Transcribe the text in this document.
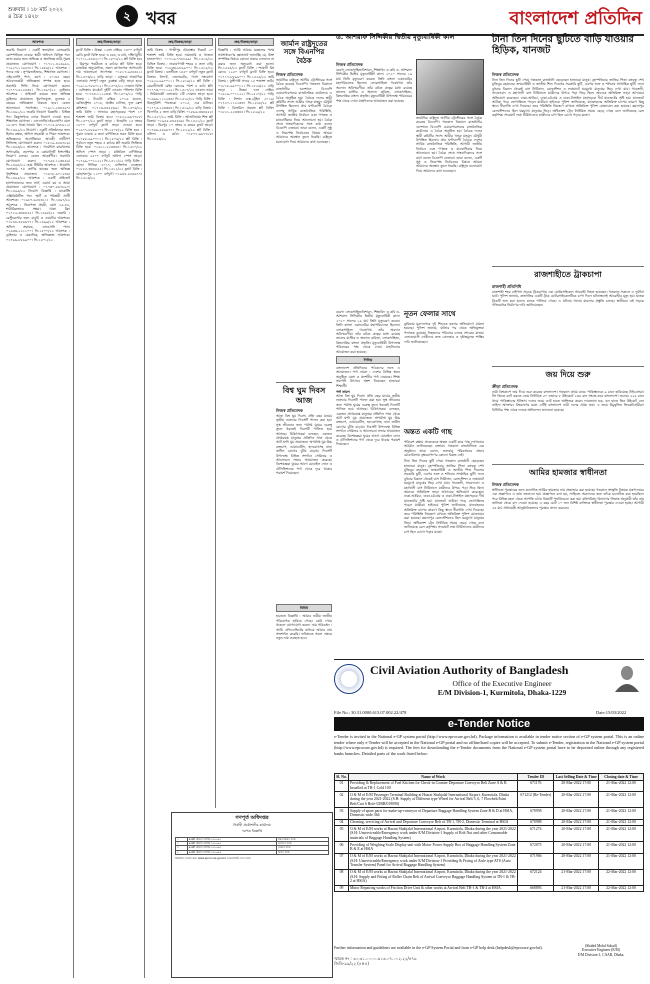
শুক্রবার । ১৮ মার্চ ২০২২
৪ চৈত্র ১৪২৮	২ খবর	বাংলাদেশ প্রতিদিন
আবশ্যক

জরুরি নিয়োগ : একটি স্বনামধন্য বেসরকারি কোম্পানিতে ঢাকার স্থায়ী অফিসে বিভিন্ন পদে কাজ করার জন্য অভিজ্ঞ ও অনভিজ্ঞ নারী-পুরুষ প্রয়োজন। যোগাযোগ : ০১৭১১-৪২৫৯৬২, ০১৯২৭-১১৬৪৭৮। ফি-১৪৮৯/২২ আবশ্যক : পদের নাম : সুপারভাইজার, শিক্ষাগত যোগ্যতা : এইচএসসি পাস, বয়স : ২০-৩৫ বছর। আবেদনকারী অভিজ্ঞতা সম্পন্ন হতে হবে। সরাসরি সিভি নিয়ে যোগাযোগ করুন। ০১৭৭৭-৪২২৪৩৫। ফি-১৪৯০/২২ ড্রাইভার আবশ্যক : প্রাইভেট কারের জন্য অভিজ্ঞ ড্রাইভার প্রয়োজন। ধূমপানমুক্ত, ন্যূনতম ৫ বছরের অভিজ্ঞতা থাকতে হবে। বেতন আলোচনা সাপেক্ষে। ০১৯১১-২৩৪৫৬৭। ফি-১৪৯১/২২ জরুরি নিয়োগ বিজ্ঞপ্তি : বিভিন্ন পদে কিছুসংখ্যক লোক নিয়োগ দেওয়া হবে। শিক্ষাগত যোগ্যতা : এসএসসি/এইচএসসি। বয়স ১৮-৩০। থাকা-খাওয়া ফ্রি। ০১৭১৫-৬৭৮৯১২। ফি-১৪৯২/২২ নিয়োগ : একটি প্রতিষ্ঠানের জন্য হিসাব রক্ষক, অফিস সহকারী ও পিয়ন আবশ্যক। অভিজ্ঞদের অগ্রাধিকার। আগ্রহী প্রার্থীগণ সিভিসহ যোগাযোগ করুন। ০১৮১৯-৪৫৬৭৮৯। ফি-১৪৯৩/২২ আবশ্যক : গার্মেন্টস কারখানায় অপারেটর, হেলপার ও কোয়ালিটি ইন্সপেক্টর নিয়োগ চলছে। বেতন আকর্ষণীয়। সরাসরি যোগাযোগ করুন। ০১৭৫৫-১২৩৪৫৬। ফি-১৪৯৪/২২ হোম টিউটর আবশ্যক : ধানমন্ডি এলাকায় ৭ম শ্রেণির ছাত্রের জন্য অভিজ্ঞ গৃহশিক্ষক প্রয়োজন। ০১৬৭৮-৯০১২৩৪। ফি-১৪৯৫/২২ আবশ্যক : একটি প্রাইভেট হাসপাতালের জন্য নার্স, ওয়ার্ড বয় ও আয়া প্রয়োজন। যোগাযোগ : ০১৭৩০-৫৬৭৮৯০। ফি-১৪৯৬/২২ নিয়োগ বিজ্ঞপ্তি : মার্কেটিং এক্সিকিউটিভ পদে স্মার্ট ও পরিশ্রমী প্রার্থী আবশ্যক। ০১৯৮৭-৬৫৪৩২১। ফি-১৪৯৭/২২ আবশ্যক : নিরাপত্তা প্রহরী, বয়স ২৫-৪৫, শারীরিকভাবে সক্ষম। থাকা ফ্রি। ০১৭২২-৩৩৪৪৫৫। ফি-১৪৯৮/২২ জরুরি : রেস্টুরেন্টের জন্য বাবুর্চি ও ওয়েটার আবশ্যক। ০১৮৪৪-৫৫৬৬৭৭। ফি-১৪৯৯/২২ আবশ্যক : অফিস সহায়ক, এসএসসি পাস। ০১৯৩৩-২২১১০০। ফি-১৫০০/২২ আবশ্যক : ড্রাইভার ও মেকানিক, অভিজ্ঞতা আবশ্যক। ০১৭৬৬-৮৮৯৯০০। ফি-১৫০১/২২

ক্রয়/বিক্রয়/ভাড়া

ফ্ল্যাট বিক্রি : উত্তরা ১২নং সেক্টরে ১৩০০ বর্গফুট রেডি ফ্ল্যাট বিক্রি হবে। ৩ বেড, ৩ বাথ, দক্ষিণমুখী। ০১৭১১-৫৪৩২১০। ফি-১৫০২/২২ প্লট বিক্রি হবে : মিরপুর পল্লবীতে ৩ কাঠার প্লট বিক্রি হবে। রাজউক অনুমোদিত, সকল কাগজপত্র আপডেট। দাম আলোচনা সাপেক্ষে। ০১৮১৭-৬৫৪৩২১। ফি-১৫০৩/২২ বাড়ি ভাড়া : বসুন্ধরা আবাসিক এলাকায় সম্পূর্ণ নতুন ডুপ্লেক্স বাড়ি ভাড়া হবে। ০১৯১২-৭৮৯০১২। ফি-১৫০৪/২২ দোকান বিক্রি : গুলিস্তান মার্কেটে দুইটি দোকান পজিশন বিক্রি হবে। ০১৭৪৪-১১২২৩৩। ফি-১৫০৫/২২ গাড়ি বিক্রয় : টয়োটা এক্সিও ২০১৬ মডেল, রেজিস্ট্রেশন ২০১৮, অক্টেন চালিত, ফুল ফ্রেশ কন্ডিশন। ০১৭১৩-৪৪৫৫৬৬। ফি-১৫০৬/২২ জমি বিক্রি : সাভারে মহাসড়কের পাশে ১০ শতাংশ জমি বিক্রয় হবে। ০১৮২২-৬৬৭৭৮৮। ফি-১৫০৭/২২ ফ্ল্যাট ভাড়া : ধানমন্ডি ১৫ নম্বরে ১৮০০ বর্গফুট ফ্ল্যাট ভাড়া দেওয়া হবে। ০১৯৭৭-৮৮৯৯০০। ফি-১৫০৮/২২ বিক্রি হবে : পুরান ঢাকায় ৬ তলা বাণিজ্যিক ভবন বিক্রি হবে। ০১৭৮৮-৯৯০০১১। ফি-১৫০৯/২২ প্লট বিক্রি : পূর্বাচল নতুন শহরে ৫ কাঠার প্লট জরুরি ভিত্তিতে বিক্রি হবে। ০১৬১১-২২৩৩৪৪। ফি-১৫১০/২২ অফিস স্পেস ভাড়া : মতিঝিল বাণিজ্যিক এলাকায় ২৫০০ বর্গফুট অফিস স্পেস ভাড়া। ০১৭৯৯-০০১১২২। ফি-১৫১১/২২ গাড়ি বিক্রি : হোন্ডা সিভিক ২০১৭, ব্যক্তিগত ব্যবহৃত। ০১৮৫৫-৩৩৪৪৫৫। ফি-১৫১২/২২ ফ্ল্যাট বিক্রি : মোহাম্মদপুর ১২০০ বর্গফুট। ০১৯৪৪-৫৫৬৬৭৭। ফি-১৫১৩/২২

ক্রয়/বিক্রয়/ভাড়া

জমি বিক্রয় : গাজীপুর চৌরাস্তার নিকটে ২০ শতাংশ জমি বিক্রি হবে। নামজারি ও খাজনা হালনাগাদ। ০১৭১৬-৭৭৮৮৯৯। ফি-১৫১৪/২২ বিল্ডিং বিক্রয় : নারায়ণগঞ্জ শহরে ৪ তলা বাড়ি বিক্রি হবে। ০১৮৩৩-৮৮৯৯০০। ফি-১৫১৫/২২ ফ্ল্যাট বিক্রয় : বনশ্রীতে ১৪৫০ বর্গফুট নতুন ফ্ল্যাট বিক্রয়। লিফট, জেনারেটর, গ্যাস সংযোগ। ০১৯২২-৯৯০০১১। ফি-১৫১৬/২২ প্লট বিক্রি : কেরানীগঞ্জে মেইন রোডের পাশে ৪ কাঠা প্লট। ০১৭৭৩-০০১১২২। ফি-১৫১৭/২২ দোকান ভাড়া : নিউমার্কেট এলাকায় ২টি দোকান ভাড়া হবে। ০১৬৬৬-১১২২৩৩। ফি-১৫১৮/২২ গাড়ি বিক্রি : মিতসুবিশি পাজেরো ২০১৫, এক মালিক। ০১৭০৫-২২৩৩৪৪। ফি-১৫১৯/২২ বাড়ি বিক্রয় : খিলগাঁও ৫ তলা বাড়ি বিক্রি। ০১৮৬৬-৩৩৪৪৫৫। ফি-১৫২০/২২ জমি বিক্রি : আশুলিয়ায় শিল্প প্লট বিক্রয়। ০১৯৫৫-৪৪৫৫৬৬। ফি-১৫২১/২২ ফ্ল্যাট ভাড়া : মিরপুর ১০ নম্বরে ৩ রুমের ফ্ল্যাট ভাড়া। ০১৭৬৬-৫৫৬৬৭৭। ফি-১৫২২/২২ প্লট বিক্রি : বসিলা ৩ কাঠা। ০১৮৭৭-৬৬৭৭৮৮। ফি-১৫২৩/২২

ক্রয়/বিক্রয়/ভাড়া

বিজ্ঞপ্তি : আমি আমার মক্কেলের পক্ষে সর্বসাধারণের জ্ঞাতার্থে জানাচ্ছি যে, উক্ত সম্পত্তির বিষয়ে কোনো প্রকার লেনদেন না করার জন্য অনুরোধ করা হলো। ফি-১৫২৪/২২ ফ্ল্যাট বিক্রি : শ্যামলী রিং রোডে ১২৫০ বর্গফুট ফ্ল্যাট বিক্রি হবে। ০১৭১৭-৮৮৯৯০০। ফি-১৫২৫/২২ জমি বিক্রয় : মুন্সীগঞ্জ সদরে ১৫ শতাংশ জমি। ০১৮১৮-৯৯০০১১। ফি-১৫২৬/২২ বাড়ি ভাড়া : উত্তরা ৭নং সেক্টর। ০১৯১৯-০০১১২২। ফি-১৫২৭/২২ গাড়ি বিক্রি : নিশান এক্স-ট্রেইল ২০১৬। ০১৭২০-১১২২৩৩। ফি-১৫২৮/২২ প্লট বিক্রি : ঝিলমিল প্রকল্পে প্লট বিক্রি। ০১৮২১-২২৩৩৪৪। ফি-১৫২৯/২২

জার্মান রাষ্ট্রদূতের সঙ্গে বিএনপির বৈঠক
নিজস্ব প্রতিবেদক

জার্মানির রাষ্ট্রদূত আখিম ট্রোস্টারের সঙ্গে বৈঠক করেছে বিএনপি। গতকাল বিকালে রাজধানীর গুলশানে বিএনপি চেয়ারপারসনের রাজনৈতিক কার্যালয়ে এ বৈঠক অনুষ্ঠিত হয়। বৈঠকে দলের স্থায়ী কমিটির সদস্য আমীর খসরু মাহমুদ চৌধুরী উপস্থিত ছিলেন। প্রায় ঘণ্টাব্যাপী বৈঠকে দেশের সার্বিক রাজনৈতিক পরিস্থিতি, আগামী জাতীয় নির্বাচন এবং গণতন্ত্র ও মানবাধিকার নিয়ে আলোচনা হয়। বৈঠক শেষে সাংবাদিকদের সঙ্গে কথা বলেন বিএনপি নেতারা। তারা বলেন, একটি সুষ্ঠু ও নিরপেক্ষ নির্বাচনের বিষয়ে আমরা আমাদের অবস্থান তুলে ধরেছি। রাষ্ট্রদূত মনোযোগ দিয়ে আমাদের কথা শুনেছেন।

ড. আশরাফ সিদ্দিকীর দ্বিতীয় মৃত্যুবার্ষিকী কাল
নিজস্ব প্রতিবেদক

বরেণ্য লোকসাহিত্যবিশারদ, শিক্ষাবিদ ও কবি ড. আশরাফ সিদ্দিকীর দ্বিতীয় মৃত্যুবার্ষিকী কাল। ২০২০ সালের ১৯ মার্চ তিনি মৃত্যুবরণ করেন। তিনি বাংলা একাডেমির মহাপরিচালক ছিলেন। লোকসাহিত্য গবেষণায় তাঁর অবদান অবিস্মরণীয়। তাঁর রচিত গ্রন্থের মধ্যে রয়েছে তালেব মাস্টার ও অন্যান্য কবিতা, লোকসাহিত্য, কিংবদন্তির বাংলা প্রভৃতি। মৃত্যুবার্ষিকী উপলক্ষে পরিবারের পক্ষ থেকে দোয়া মাহফিলের আয়োজন করা হয়েছে।

জার্মানির রাষ্ট্রদূত আখিম ট্রোস্টারের সঙ্গে বৈঠক করেছে বিএনপি। গতকাল বিকালে রাজধানীর গুলশানে বিএনপি চেয়ারপারসনের রাজনৈতিক কার্যালয়ে এ বৈঠক অনুষ্ঠিত হয়। বৈঠকে দলের স্থায়ী কমিটির সদস্য আমীর খসরু মাহমুদ চৌধুরী উপস্থিত ছিলেন। প্রায় ঘণ্টাব্যাপী বৈঠকে দেশের সার্বিক রাজনৈতিক পরিস্থিতি, আগামী জাতীয় নির্বাচন এবং গণতন্ত্র ও মানবাধিকার নিয়ে আলোচনা হয়। বৈঠক শেষে সাংবাদিকদের সঙ্গে কথা বলেন বিএনপি নেতারা। তারা বলেন, একটি সুষ্ঠু ও নিরপেক্ষ নির্বাচনের বিষয়ে আমরা আমাদের অবস্থান তুলে ধরেছি। রাষ্ট্রদূত মনোযোগ দিয়ে আমাদের কথা শুনেছেন।

বিশ্ব ঘুম দিবস আজ
নিজস্ব প্রতিবেদক

আজ বিশ্ব ঘুম দিবস। প্রতি বছর মার্চের তৃতীয় শুক্রবার দিবসটি পালন করা হয়। সুস্থ জীবনের জন্য পর্যাপ্ত ঘুমের গুরুত্ব তুলে ধরতেই দিবসটি পালিত হয়ে আসছে। চিকিৎসকরা বলছেন, একজন প্রাপ্তবয়স্ক মানুষের প্রতিদিন সাত থেকে আট ঘণ্টা ঘুম প্রয়োজন। অপর্যাপ্ত ঘুম উচ্চ রক্তচাপ, ডায়াবেটিস, হৃদরোগসহ নানা জটিল রোগের ঝুঁকি বাড়ায়। দিবসটি উপলক্ষে বিভিন্ন সংগঠন সেমিনার ও আলোচনা সভার আয়োজন করেছে। বিশেষজ্ঞরা ঘুমের আগে মোবাইল ফোন ও টেলিভিশনের পর্দা থেকে দূরে থাকার পরামর্শ দিয়েছেন।

নূতন ফেলার সাথে

কুমিল্লার মুরাদনগরে দুই শিশুকে হত্যার অভিযোগে মামলা হয়েছে। পুলিশ জানায়, ঘটনার পর থেকে অভিযুক্তরা পলাতক রয়েছে। নিহতদের পরিবারে চলছে শোকের মাতম। এলাকাবাসী দোষীদের দ্রুত গ্রেফতার ও দৃষ্টান্তমূলক শাস্তির দাবি জানিয়েছেন।

অন্তত একটি গাছ

পরিবেশ রক্ষায় প্রত্যেককে অন্তত একটি করে গাছ লাগানোর আহ্বান জানিয়েছেন বক্তারা। গতকাল রাজধানীতে এক অনুষ্ঠানে তারা বলেন, জলবায়ু পরিবর্তনের প্রভাব মোকাবিলায় বৃক্ষরোপণের কোনো বিকল্প নেই।

টানা তিন দিনের ছুটি পেয়ে গতকাল রাজধানী ছেড়েছেন হাজারো মানুষ। বৃহস্পতিবার জাতির পিতা বঙ্গবন্ধু শেখ মুজিবুর রহমানের জন্মবার্ষিকী ও জাতীয় শিশু দিবসের সরকারি ছুটি, এরপর শুক্র ও শনিবার সাপ্তাহিক ছুটি। ফলে বুধবার বিকাল থেকেই বাস টার্মিনাল, রেলস্টেশন ও লঞ্চঘাটে ঘরমুখো মানুষের ভিড় দেখা যায়। গাবতলী, সায়েদাবাদ ও মহাখালী বাস টার্মিনালে যাত্রীদের উপচে পড়া ভিড় ছিল। অনেকে অতিরিক্ত ভাড়া আদায়ের অভিযোগ করেছেন। ঢাকা-আরিচা, ঢাকা-চট্টগ্রাম ও ঢাকা-টাঙ্গাইল মহাসড়কে দীর্ঘ যানজটের সৃষ্টি হয়। যানজটে আটকা পড়ে ভোগান্তিতে পড়েন যাত্রীরা। হাইওয়ে পুলিশ জানিয়েছে, যানবাহনের অতিরিক্ত চাপের কারণে কিছু স্থানে ধীরগতি দেখা দিয়েছে। তবে পরিস্থিতি নিয়ন্ত্রণে রাখতে অতিরিক্ত পুলিশ মোতায়েন করা হয়েছে। কমলাপুর রেলস্টেশনেও ছিল ঘরমুখো মানুষের ভিড়। অধিকাংশ ট্রেন নির্ধারিত সময়ে ছেড়ে গেছে বলে জানিয়েছে রেল কর্তৃপক্ষ। সদরঘাট লঞ্চ টার্মিনালেও যাত্রীদের চাপ ছিল চোখে পড়ার মতো।

বরেণ্য লোকসাহিত্যবিশারদ, শিক্ষাবিদ ও কবি ড. আশরাফ সিদ্দিকীর দ্বিতীয় মৃত্যুবার্ষিকী কাল। ২০২০ সালের ১৯ মার্চ তিনি মৃত্যুবরণ করেন। তিনি বাংলা একাডেমির মহাপরিচালক ছিলেন। লোকসাহিত্য গবেষণায় তাঁর অবদান অবিস্মরণীয়। তাঁর রচিত গ্রন্থের মধ্যে রয়েছে তালেব মাস্টার ও অন্যান্য কবিতা, লোকসাহিত্য, কিংবদন্তির বাংলা প্রভৃতি। মৃত্যুবার্ষিকী উপলক্ষে পরিবারের পক্ষ থেকে দোয়া মাহফিলের আয়োজন করা হয়েছে।

নিবিড়

বাংলাদেশ প্রতিদিনের পাঠকদের জন্য এ আয়োজন। পর্দা নামল : দেশের বিভিন্ন স্থানে অনুষ্ঠিত মেলা ও প্রদর্শনীর পর্দা নেমেছে। শিক্ষা সমাপনী উৎসবে অংশ নিয়েছেন হাজারো শিক্ষার্থী।

পর্দা নামল

আজ বিশ্ব ঘুম দিবস। প্রতি বছর মার্চের তৃতীয় শুক্রবার দিবসটি পালন করা হয়। সুস্থ জীবনের জন্য পর্যাপ্ত ঘুমের গুরুত্ব তুলে ধরতেই দিবসটি পালিত হয়ে আসছে। চিকিৎসকরা বলছেন, একজন প্রাপ্তবয়স্ক মানুষের প্রতিদিন সাত থেকে আট ঘণ্টা ঘুম প্রয়োজন। অপর্যাপ্ত ঘুম উচ্চ রক্তচাপ, ডায়াবেটিস, হৃদরোগসহ নানা জটিল রোগের ঝুঁকি বাড়ায়। দিবসটি উপলক্ষে বিভিন্ন সংগঠন সেমিনার ও আলোচনা সভার আয়োজন করেছে। বিশেষজ্ঞরা ঘুমের আগে মোবাইল ফোন ও টেলিভিশনের পর্দা থেকে দূরে থাকার পরামর্শ দিয়েছেন।

বিবিধ

হারানো বিজ্ঞপ্তি : আমার নামীয় জাতীয় পরিচয়পত্র হারিয়ে গেছে। কেউ পেয়ে থাকলে যোগাযোগ করুন। নাম পরিবর্তন : আমি এফিডেভিটের মাধ্যমে আমার নাম সংশোধন করেছি। ভবিষ্যতে সকল ক্ষেত্রে নতুন নাম ব্যবহৃত হবে।

টানা তিন দিনের ছুটিতে বাড়ি যাওয়ার হিড়িক, যানজট
নিজস্ব প্রতিবেদক

টানা তিন দিনের ছুটি পেয়ে গতকাল রাজধানী ছেড়েছেন হাজারো মানুষ। বৃহস্পতিবার জাতির পিতা বঙ্গবন্ধু শেখ মুজিবুর রহমানের জন্মবার্ষিকী ও জাতীয় শিশু দিবসের সরকারি ছুটি, এরপর শুক্র ও শনিবার সাপ্তাহিক ছুটি। ফলে বুধবার বিকাল থেকেই বাস টার্মিনাল, রেলস্টেশন ও লঞ্চঘাটে ঘরমুখো মানুষের ভিড় দেখা যায়। গাবতলী, সায়েদাবাদ ও মহাখালী বাস টার্মিনালে যাত্রীদের উপচে পড়া ভিড় ছিল। অনেকে অতিরিক্ত ভাড়া আদায়ের অভিযোগ করেছেন। ঢাকা-আরিচা, ঢাকা-চট্টগ্রাম ও ঢাকা-টাঙ্গাইল মহাসড়কে দীর্ঘ যানজটের সৃষ্টি হয়। যানজটে আটকা পড়ে ভোগান্তিতে পড়েন যাত্রীরা। হাইওয়ে পুলিশ জানিয়েছে, যানবাহনের অতিরিক্ত চাপের কারণে কিছু স্থানে ধীরগতি দেখা দিয়েছে। তবে পরিস্থিতি নিয়ন্ত্রণে রাখতে অতিরিক্ত পুলিশ মোতায়েন করা হয়েছে। কমলাপুর রেলস্টেশনেও ছিল ঘরমুখো মানুষের ভিড়। অধিকাংশ ট্রেন নির্ধারিত সময়ে ছেড়ে গেছে বলে জানিয়েছে রেল কর্তৃপক্ষ। সদরঘাট লঞ্চ টার্মিনালেও যাত্রীদের চাপ ছিল চোখে পড়ার মতো।

রাজশাহীতে ট্রাকচাপা
রাজশাহী প্রতিনিধি

রাজশাহী শহর বাইপাস সড়কে ট্রাকচাপায় এক মোটরসাইকেল আরোহী নিহত হয়েছেন। গতকাল সকালে এ দুর্ঘটনা ঘটে। পুলিশ জানায়, দ্রুতগতির একটি ট্রাক মোটরসাইকেলটিকে চাপা দিলে ঘটনাস্থলেই আরোহীর মৃত্যু হয়। ঘাতক ট্রাকটি জব্দ করা হলেও চালক পালিয়ে গেছে। এ ঘটনায় থানায় মামলার প্রস্তুতি চলছে। স্থানীয়রা ওই সড়কে গতিরোধক নির্মাণের দাবি জানিয়েছেন।

জয় দিয়ে শুরু
ক্রীড়া প্রতিবেদক

নারী বিশ্বকাপে জয় দিয়ে শুরু করেছে বাংলাদেশ। গতকাল প্রথম ম্যাচে পাকিস্তানকে ৯ রানে হারিয়েছে টাইগ্রেসরা। টস জিতে ব্যাট করতে নেমে নির্ধারিত ৫০ ওভারে ৮ উইকেটে ২৩৪ রান সংগ্রহ করে বাংলাদেশ। জবাবে ২২৫ রানে থামে পাকিস্তানের ইনিংস। দলের জয়ে ব্যাট হাতে অর্ধশতক করেন ফারজানা হক, বল হাতে তিন উইকেট নেন নাহিদা আক্তার। বিশ্বকাপের মঞ্চে এটিই বাংলাদেশ নারী দলের প্রথম জয়। এ জয়ে উচ্ছ্বসিত ক্রিকেটপ্রেমীরা। বিসিবির পক্ষ থেকে দলকে অভিনন্দন জানানো হয়েছে।

আমির হামজার স্বাধীনতা
নিজস্ব প্রতিবেদক

স্বাধীনতা পুরস্কারের জন্য মনোনীত আমির হামজার নাম প্রত্যাহার করা হয়েছে। গতকাল সংস্কৃতি বিষয়ক মন্ত্রণালয়ের এক প্রজ্ঞাপনে এ তথ্য জানানো হয়। প্রজ্ঞাপনে বলা হয়, সাহিত্যে অবদানের জন্য তাঁকে মনোনীত করা হয়েছিল। পরে বিভিন্ন মহল থেকে আপত্তি ওঠায় বিষয়টি পুনর্বিবেচনা করা হয়। মন্ত্রিপরিষদ বিভাগের সিদ্ধান্ত অনুযায়ী তাঁর নাম তালিকা থেকে বাদ দেওয়া হয়েছে। এ বছর মোট ১০ জন বিশিষ্ট ব্যক্তিকে স্বাধীনতা পুরস্কার দেওয়া হচ্ছে। আগামী ২৪ মার্চ প্রধানমন্ত্রী আনুষ্ঠানিকভাবে পুরস্কার প্রদান করবেন।

গণপূর্ত অধিদপ্তর
নির্বাহী প্রকৌশলীর কার্যালয়
দরপত্র বিজ্ঞপ্তি
১	e-GP টেন্ডার আইডি ৬৭৮৯০১	রক্ষণাবেক্ষণ কাজ
২	e-GP টেন্ডার আইডি ৬৭৮৯০২	মেরামত কাজ
৩	e-GP টেন্ডার আইডি ৬৭৮৯০৩	সংস্কার কাজ
৪	e-GP টেন্ডার আইডি ৬৭৮৯০৪	নির্মাণ কাজ
বিস্তারিত তথ্যের জন্য www.eprocure.gov.bd ওয়েবসাইটে দেখা যাবে।
Civil Aviation Authority of Bangladesh
Office of the Executive Engineer
E/M Division-1, Kurmitola, Dhaka-1229
File No.: 30.31.0000.613.07.002.22/478	Date:15/03/2022
e-Tender Notice
e-Tender is invited in the National e-GP system portal (http://www.eprocure.gov.bd). Package information is available in tender notice section of e-GP system portal. This is an online tender where only e-Tender will be accepted in the National e-GP portal and no offline/hard copies will be accepted. To submit e-Tender, registration in the National e-GP system portal (http://www.eprocure.gov.bd) is required. The fees for downloading the e-Tender documents from the National e-GP system portal have to be deposited online through any registered banks branches. Detailed parts of the work listed below:
Sl. No.	Name of Work	Tender ID	Last Selling Date & Time	Closing date & Time
01	Providing & Replacement of Fuel Kitchen for Check-in Counter Departure Conveyor Belt Zone A & B Installed at TB-1 Cold 100	671176	20-Mar-2022 17:00	21-Mar-2022 12:00
02	O & M of E/M Passenger Terminal Building at Hazrat Shahjalal International Airport, Kurmitola, Dhaka during the year 2021-2022 (S.H: Supply of Different type Wheel for Arrival Belt 5, 6, 7 Flowbelt/Joint Belt/Cart 6 Hole-UIBB/019090)	671212 (Re-Tender)	20-Mar-2022 17:00	21-Mar-2022 12:00
03	Supply of spare parts for make-up-conveyor of Departure Baggage Handling System Zone B & D at HSIA, Domestic wide 364	670958	20-Mar-2022 17:00	21-Mar-2022 12:00
04	Cleaning, servicing of Arrival and Departure Conveyor Belt of TB-1, TB-2, Domestic Terminal at HSIA	670988	20-Mar-2022 17:00	21-Mar-2022 12:00
05	O & M of E/M works at Hazrat Shahjalal International Airport, Kurmitola, Dhaka during the year 2021-2022 (S.H: Unserviceable/Emergency work under E/M Division-1 Supply of Bolt Nut and other Consumable materials of Baggage Handling System)	671274	20-Mar-2022 17:00	21-Mar-2022 12:00
06	Providing of Weighing Scale Display unit with Motor Power Supply Box of Baggage Handling System Zone B & E at HSIA	672075	20-Mar-2022 17:00	21-Mar-2022 12:00
07	O & M of E/M works at Hazrat Shahjalal International Airport, Kurmitola, Dhaka during the year 2021-2022 (S.H: Unserviceable/Emergency work under E/M Division-1 Providing & Fixing of Aisle type ATS (Auto Transfer System) Panel for Arrival Baggage Handling System)	671966	20-Mar-2022 17:00	21-Mar-2022 12:00
08	O & M of E/M works at Hazrat Shahjalal International Airport, Kurmitola, Dhaka during the year 2021-2022 (S.H: Supply and Fitting of Roller Chain Belt of Arrival Conveyor Baggage Handling System at TB-1 & TB-2 at HSIA)	672124	21-Mar-2022 17:00	22-Mar-2022 12:00
09	Minor Repairing works of Friction Drive Unit & other works at Arrival Belt TB-1 & TB-2 at HSIA.	668893	21-Mar-2022 17:00	22-Mar-2022 12:00
Further information and guidelines are available in the e-GP System Portal and from e-GP help desk (helpdesk@eprocure.gov.bd).
স্মারক নং : ৩০.৩১.০০০০.৬১৩.০৭.০০২.২২/৪৭৯
জিডি-৯৯/২২ (৪×৪)
(Shahid Mohd Sohail)
Executive Engineer (E/M)
E/M Division-1, CAAB, Dhaka.
